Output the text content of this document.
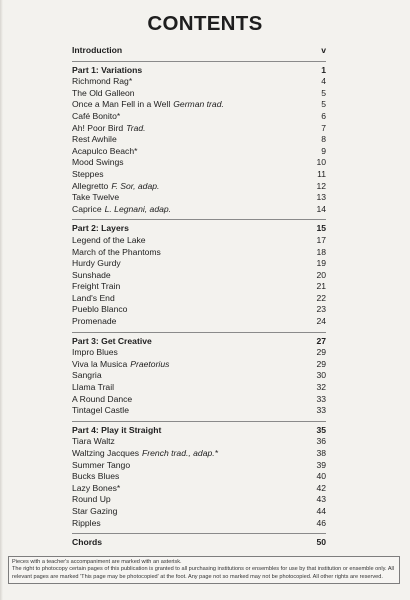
CONTENTS
Introduction	v
Part 1: Variations	1
Richmond Rag*	4
The Old Galleon	5
Once a Man Fell in a Well German trad.	5
Café Bonito*	6
Ah! Poor Bird Trad.	7
Rest Awhile	8
Acapulco Beach*	9
Mood Swings	10
Steppes	11
Allegretto F. Sor, adap.	12
Take Twelve	13
Caprice L. Legnani, adap.	14
Part 2: Layers	15
Legend of the Lake	17
March of the Phantoms	18
Hurdy Gurdy	19
Sunshade	20
Freight Train	21
Land's End	22
Pueblo Blanco	23
Promenade	24
Part 3: Get Creative	27
Impro Blues	29
Viva la Musica Praetorius	29
Sangria	30
Llama Trail	32
A Round Dance	33
Tintagel Castle	33
Part 4: Play it Straight	35
Tiara Waltz	36
Waltzing Jacques French trad., adap.*	38
Summer Tango	39
Bucks Blues	40
Lazy Bones*	42
Round Up	43
Star Gazing	44
Ripples	46
Chords	50

Pieces with a teacher's accompaniment are marked with an asterisk.

The right to photocopy certain pages of this publication is granted to all purchasing institutions or ensembles for use by that institution or ensemble only. All relevant pages are marked 'This page may be photocopied' at the foot. Any page not so marked may not be photocopied. All other rights are reserved.
